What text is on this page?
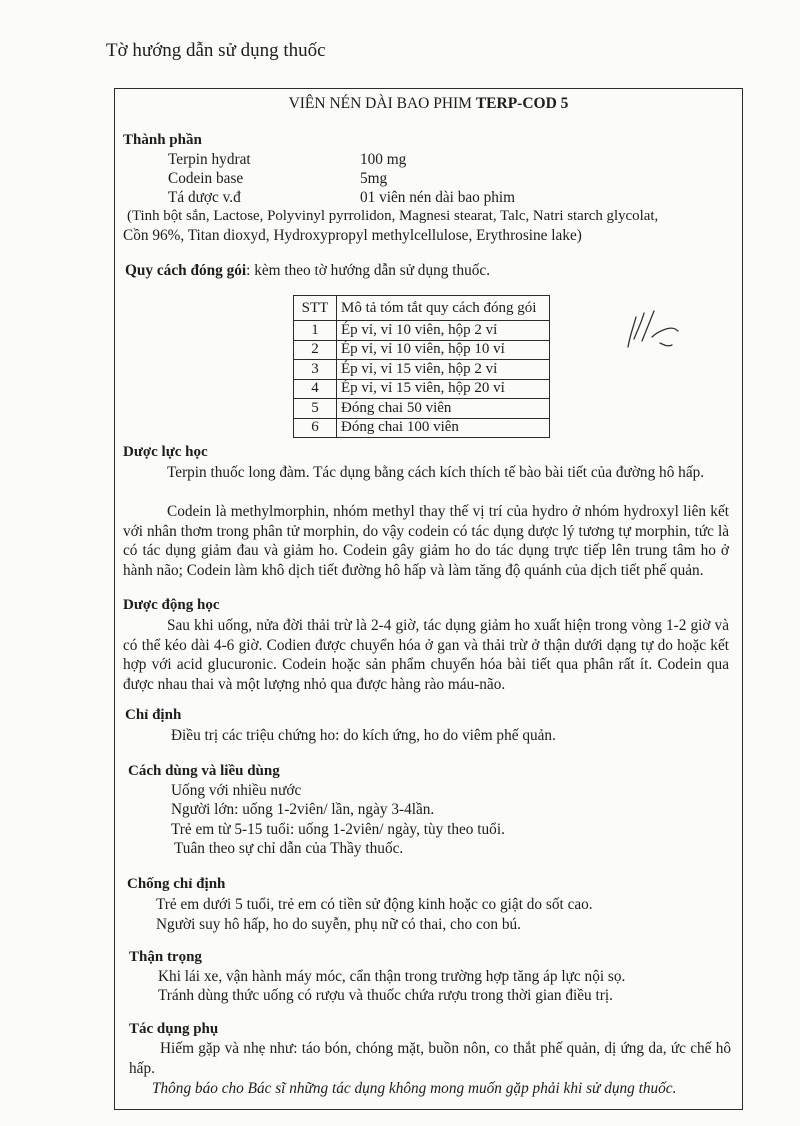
Tờ hướng dẫn sử dụng thuốc
VIÊN NÉN DÀI BAO PHIM TERP-COD 5
Thành phần
Terpin hydrat	100 mg
Codein base	5mg
Tá dược v.đ	01 viên nén dài bao phim
(Tinh bột sắn, Lactose, Polyvinyl pyrrolidon, Magnesi stearat, Talc, Natri starch glycolat,
Cồn 96%, Titan dioxyd, Hydroxypropyl methylcellulose, Erythrosine lake)
Quy cách đóng gói: kèm theo tờ hướng dẫn sử dụng thuốc.
STT	Mô tả tóm tắt quy cách đóng gói
1	Ép vỉ, vỉ 10 viên, hộp 2 vỉ
2	Ép vỉ, vỉ 10 viên, hộp 10 vỉ
3	Ép vỉ, vỉ 15 viên, hộp 2 vỉ
4	Ép vỉ, vỉ 15 viên, hộp 20 vỉ
5	Đóng chai 50 viên
6	Đóng chai 100 viên
Dược lực học
Terpin thuốc long đàm. Tác dụng bằng cách kích thích tế bào bài tiết của đường hô hấp.
Codein là methylmorphin, nhóm methyl thay thế vị trí của hydro ở nhóm hydroxyl liên kết với nhân thơm trong phân tử morphin, do vậy codein có tác dụng dược lý tương tự morphin, tức là có tác dụng giảm đau và giảm ho. Codein gây giảm ho do tác dụng trực tiếp lên trung tâm ho ở hành não; Codein làm khô dịch tiết đường hô hấp và làm tăng độ quánh của dịch tiết phế quản.
Dược động học
Sau khi uống, nửa đời thải trừ là 2-4 giờ, tác dụng giảm ho xuất hiện trong vòng 1-2 giờ và có thể kéo dài 4-6 giờ. Codien được chuyển hóa ở gan và thải trừ ở thận dưới dạng tự do hoặc kết hợp với acid glucuronic. Codein hoặc sản phẩm chuyển hóa bài tiết qua phân rất ít. Codein qua được nhau thai và một lượng nhỏ qua được hàng rào máu-não.
Chỉ định
Điều trị các triệu chứng ho: do kích ứng, ho do viêm phế quản.
Cách dùng và liều dùng
Uống với nhiều nước
Người lớn: uống 1-2viên/ lần, ngày 3-4lần.
Trẻ em từ 5-15 tuổi: uống 1-2viên/ ngày, tùy theo tuổi.
Tuân theo sự chỉ dẫn của Thầy thuốc.
Chống chỉ định
Trẻ em dưới 5 tuổi, trẻ em có tiền sử động kinh hoặc co giật do sốt cao.
Người suy hô hấp, ho do suyễn, phụ nữ có thai, cho con bú.
Thận trọng
Khi lái xe, vận hành máy móc, cẩn thận trong trường hợp tăng áp lực nội sọ.
Tránh dùng thức uống có rượu và thuốc chứa rượu trong thời gian điều trị.
Tác dụng phụ
Hiếm gặp và nhẹ như: táo bón, chóng mặt, buồn nôn, co thắt phế quản, dị ứng da, ức chế hô hấp.
Thông báo cho Bác sĩ những tác dụng không mong muốn gặp phải khi sử dụng thuốc.
